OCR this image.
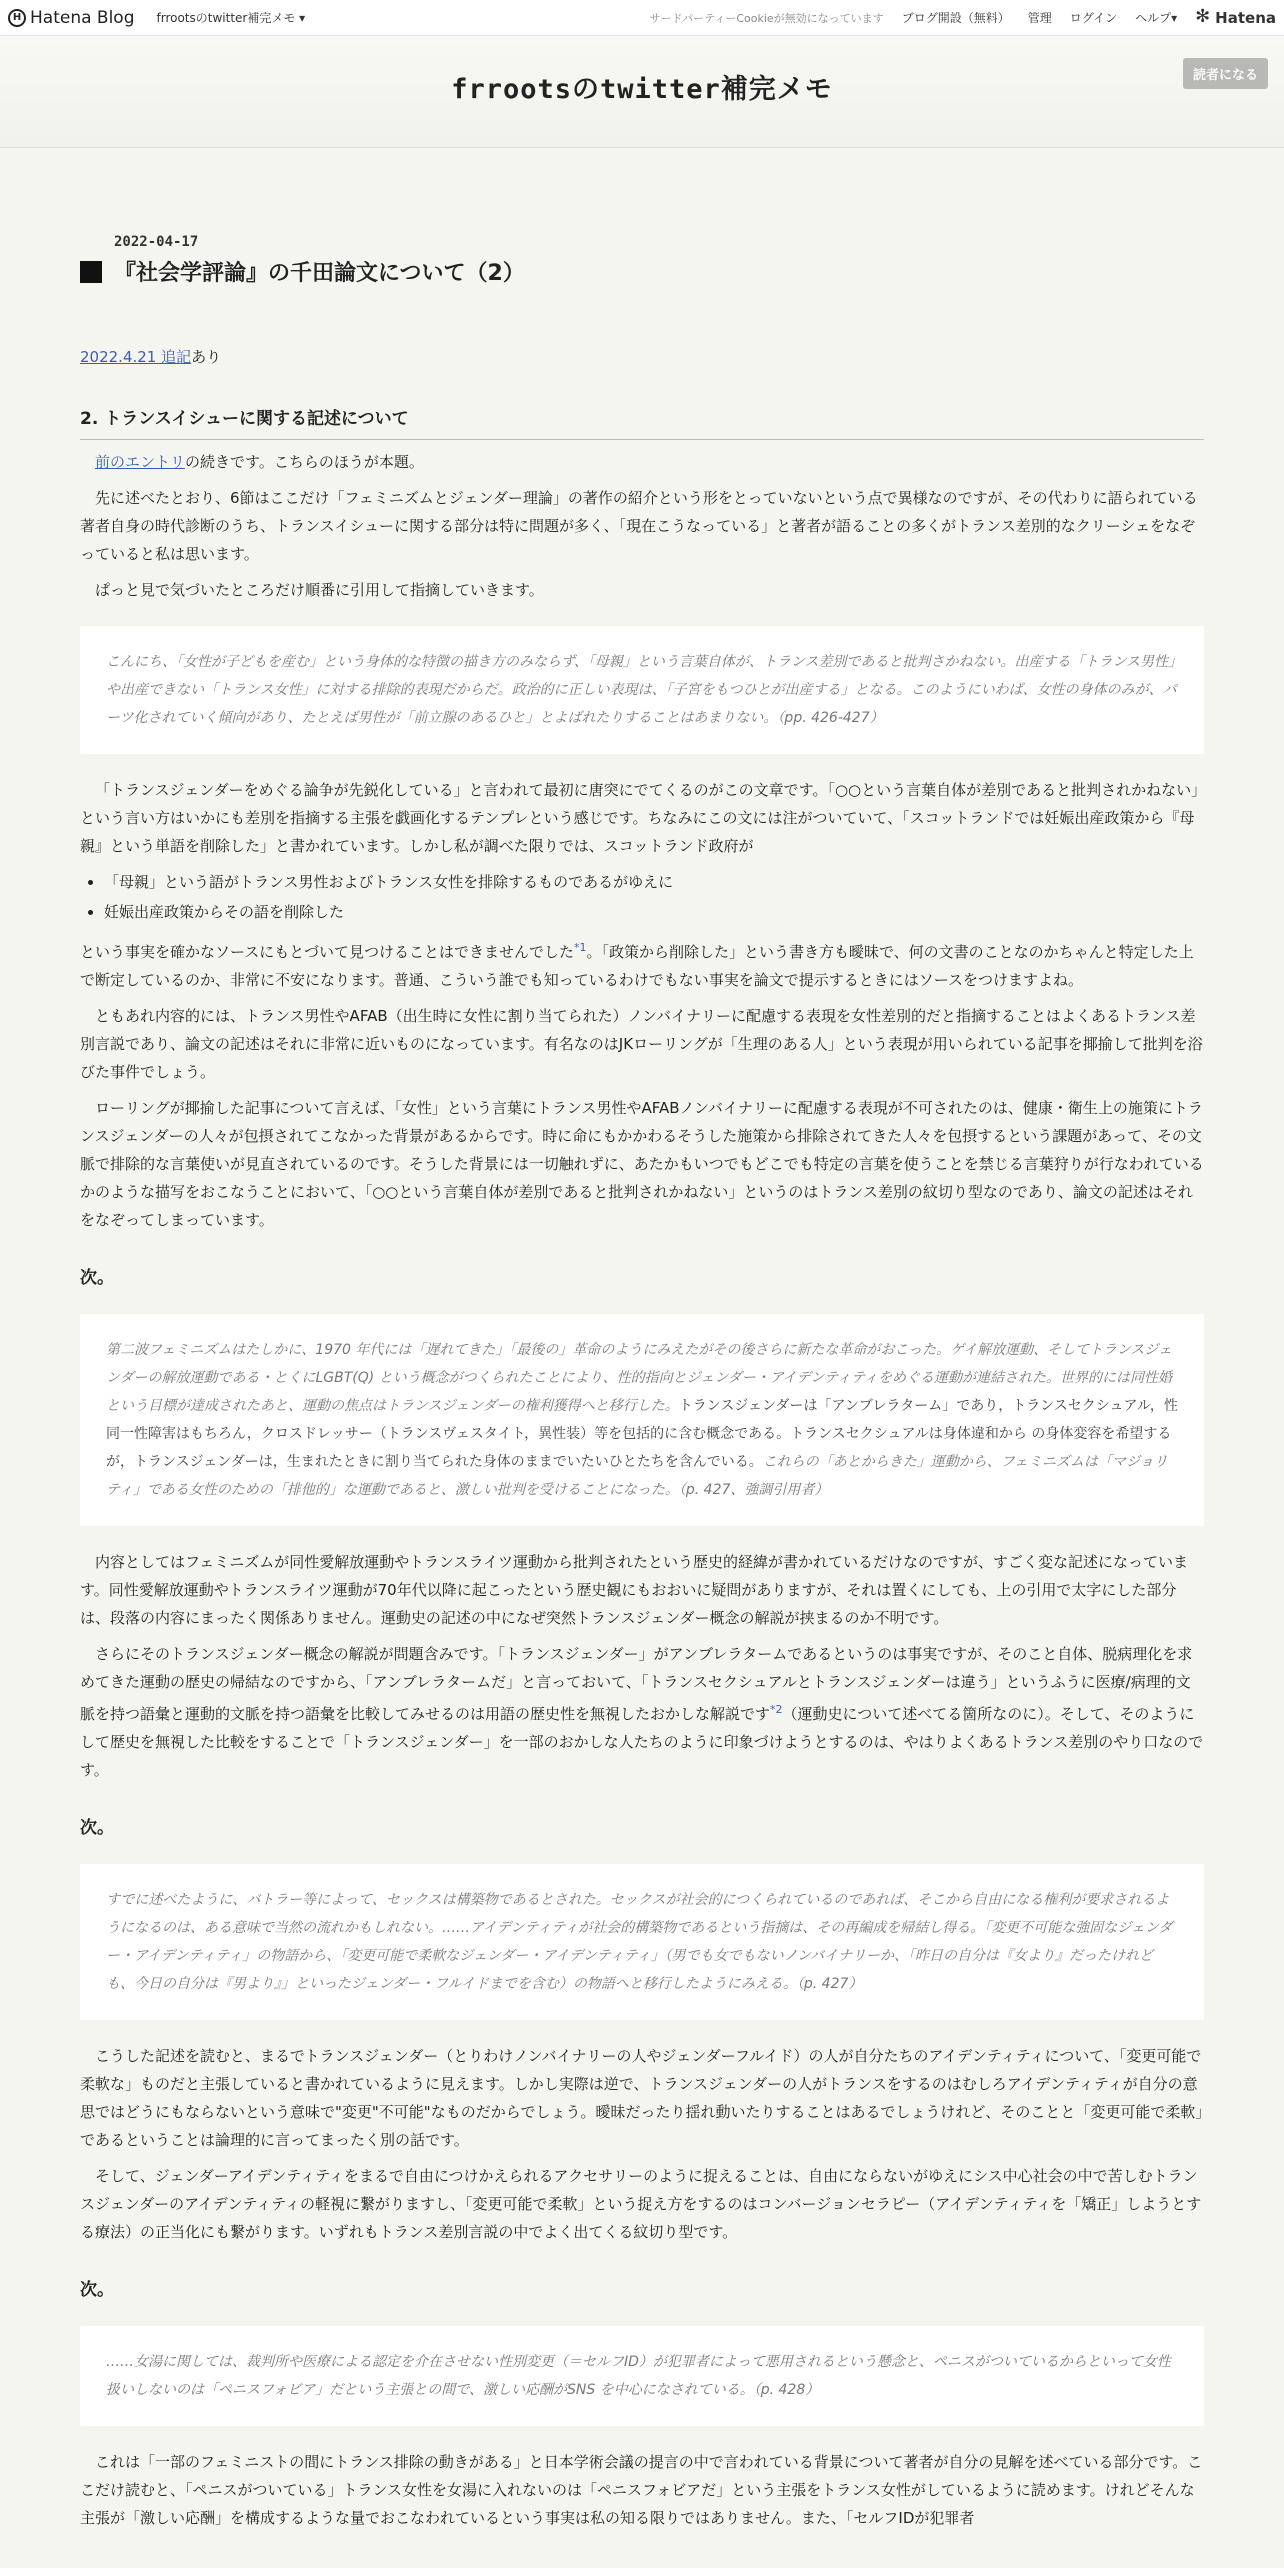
H Hatena Blog frrootsのtwitter補完メモ ▾	サードパーティーCookieが無効になっています ブログ開設（無料） 管理 ログイン ヘルプ▾
✻	Hatena
frrootsのtwitter補完メモ	読者になる
2022-04-17
『社会学評論』の千田論文について（2）

2022.4.21 追記あり

2. トランスイシューに関する記述について

前のエントリの続きです。こちらのほうが本題。

先に述べたとおり、6節はここだけ「フェミニズムとジェンダー理論」の著作の紹介という形をとっていないという点で異様なのですが、その代わりに語られている著者自身の時代診断のうち、トランスイシューに関する部分は特に問題が多く、「現在こうなっている」と著者が語ることの多くがトランス差別的なクリーシェをなぞっていると私は思います。

ぱっと見で気づいたところだけ順番に引用して指摘していきます。

こんにち、「女性が子どもを産む」という身体的な特徴の描き方のみならず、「母親」という言葉自体が、トランス差別であると批判さかねない。出産する「トランス男性」や出産できない「トランス女性」に対する排除的表現だからだ。政治的に正しい表現は、「子宮をもつひとが出産する」となる。このようにいわば、女性の身体のみが、パーツ化されていく傾向があり、たとえば男性が「前立腺のあるひと」とよばれたりすることはあまりない。（pp. 426-427）

「トランスジェンダーをめぐる論争が先鋭化している」と言われて最初に唐突にでてくるのがこの文章です。「○○という言葉自体が差別であると批判されかねない」という言い方はいかにも差別を指摘する主張を戯画化するテンプレという感じです。ちなみにこの文には注がついていて、「スコットランドでは妊娠出産政策から『母親』という単語を削除した」と書かれています。しかし私が調べた限りでは、スコットランド政府が

• 「母親」という語がトランス男性およびトランス女性を排除するものであるがゆえに
• 妊娠出産政策からその語を削除した

という事実を確かなソースにもとづいて見つけることはできませんでした$^{*1}$。「政策から削除した」という書き方も曖昧で、何の文書のことなのかちゃんと特定した上で断定しているのか、非常に不安になります。普通、こういう誰でも知っているわけでもない事実を論文で提示するときにはソースをつけますよね。

ともあれ内容的には、トランス男性やAFAB（出生時に女性に割り当てられた）ノンバイナリーに配慮する表現を女性差別的だと指摘することはよくあるトランス差別言説であり、論文の記述はそれに非常に近いものになっています。有名なのはJKローリングが「生理のある人」という表現が用いられている記事を揶揄して批判を浴びた事件でしょう。

ローリングが揶揄した記事について言えば、「女性」という言葉にトランス男性やAFABノンバイナリーに配慮する表現が不可されたのは、健康・衛生上の施策にトランスジェンダーの人々が包摂されてこなかった背景があるからです。時に命にもかかわるそうした施策から排除されてきた人々を包摂するという課題があって、その文脈で排除的な言葉使いが見直されているのです。そうした背景には一切触れずに、あたかもいつでもどこでも特定の言葉を使うことを禁じる言葉狩りが行なわれているかのような描写をおこなうことにおいて、「○○という言葉自体が差別であると批判されかねない」というのはトランス差別の紋切り型なのであり、論文の記述はそれをなぞってしまっています。

次。
第二波フェミニズムはたしかに、1970 年代には「遅れてきた」「最後の」革命のようにみえたがその後さらに新たな革命がおこった。ゲイ解放運動、そしてトランスジェンダーの解放運動である・とくにLGBT(Q) という概念がつくられたことにより、性的指向とジェンダー・アイデンティティをめぐる運動が連結された。世界的には同性婚という目標が達成されたあと、運動の焦点はトランスジェンダーの権利獲得へと移行した。トランスジェンダーは「アンブレラターム」であり，トランスセクシュアル，性同一性障害はもちろん，クロスドレッサー（トランスヴェスタイト，異性装）等を包括的に含む概念である。トランスセクシュアルは身体違和から の身体変容を希望するが，トランスジェンダーは，生まれたときに割り当てられた身体のままでいたいひとたちを含んでいる。これらの「あとからきた」運動から、フェミニズムは「マジョリティ」である女性のための「排他的」な運動であると、激しい批判を受けることになった。（p. 427、強調引用者）

内容としてはフェミニズムが同性愛解放運動やトランスライツ運動から批判されたという歴史的経緯が書かれているだけなのですが、すごく変な記述になっています。同性愛解放運動やトランスライツ運動が70年代以降に起こったという歴史観にもおおいに疑問がありますが、それは置くにしても、上の引用で太字にした部分は、段落の内容にまったく関係ありません。運動史の記述の中になぜ突然トランスジェンダー概念の解説が挟まるのか不明です。

さらにそのトランスジェンダー概念の解説が問題含みです。「トランスジェンダー」がアンブレラタームであるというのは事実ですが、そのこと自体、脱病理化を求めてきた運動の歴史の帰結なのですから、「アンブレラタームだ」と言っておいて、「トランスセクシュアルとトランスジェンダーは違う」というふうに医療/病理的文脈を持つ語彙と運動的文脈を持つ語彙を比較してみせるのは用語の歴史性を無視したおかしな解説です$^{*2}$（運動史について述べてる箇所なのに）。そして、そのようにして歴史を無視した比較をすることで「トランスジェンダー」を一部のおかしな人たちのように印象づけようとするのは、やはりよくあるトランス差別のやり口なのです。

次。
すでに述べたように、バトラー等によって、セックスは構築物であるとされた。セックスが社会的につくられているのであれば、そこから自由になる権利が要求されるようになるのは、ある意味で当然の流れかもしれない。……アイデンティティが社会的構築物であるという指摘は、その再編成を帰結し得る。「変更不可能な強固なジェンダー・アイデンティティ」の物語から、「変更可能で柔軟なジェンダー・アイデンティティ」（男でも女でもないノンバイナリーか、「昨日の自分は『女より』だったけれども、今日の自分は『男より』」といったジェンダー・フルイドまでを含む）の物語へと移行したようにみえる。（p. 427）

こうした記述を読むと、まるでトランスジェンダー（とりわけノンバイナリーの人やジェンダーフルイド）の人が自分たちのアイデンティティについて、「変更可能で柔軟な」ものだと主張していると書かれているように見えます。しかし実際は逆で、トランスジェンダーの人がトランスをするのはむしろアイデンティティが自分の意思ではどうにもならないという意味で"変更"不可能"なものだからでしょう。曖昧だったり揺れ動いたりすることはあるでしょうけれど、そのことと「変更可能で柔軟」であるということは論理的に言ってまったく別の話です。

そして、ジェンダーアイデンティティをまるで自由につけかえられるアクセサリーのように捉えることは、自由にならないがゆえにシス中心社会の中で苦しむトランスジェンダーのアイデンティティの軽視に繋がりますし、「変更可能で柔軟」という捉え方をするのはコンバージョンセラピー（アイデンティティを「矯正」しようとする療法）の正当化にも繋がります。いずれもトランス差別言説の中でよく出てくる紋切り型です。

次。
……女湯に関しては、裁判所や医療による認定を介在させない性別変更（＝セルフID）が犯罪者によって悪用されるという懸念と、ペニスがついているからといって女性扱いしないのは「ペニスフォビア」だという主張との間で、激しい応酬がSNS を中心になされている。（p. 428）

これは「一部のフェミニストの間にトランス排除の動きがある」と日本学術会議の提言の中で言われている背景について著者が自分の見解を述べている部分です。ここだけ読むと、「ペニスがついている」トランス女性を女湯に入れないのは「ペニスフォビアだ」という主張をトランス女性がしているように読めます。けれどそんな主張が「激しい応酬」を構成するような量でおこなわれているという事実は私の知る限りではありません。また、「セルフIDが犯罪者
